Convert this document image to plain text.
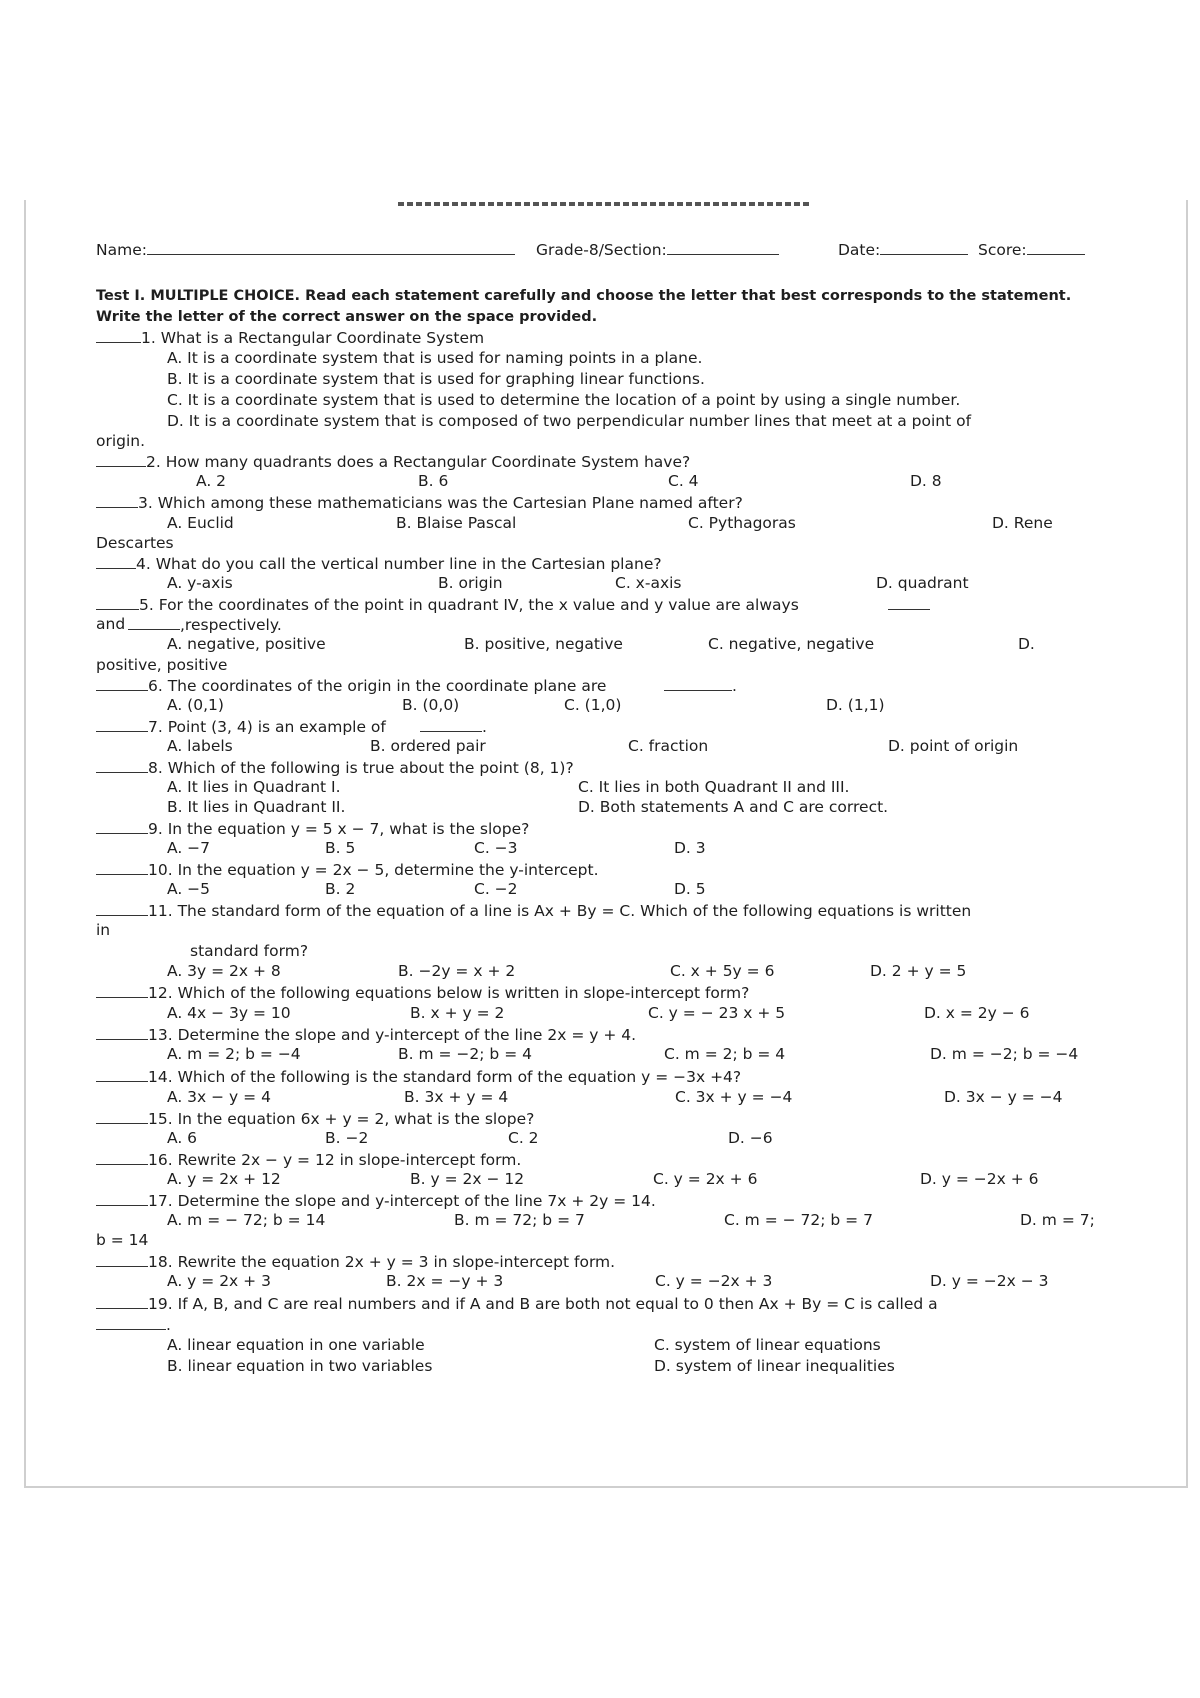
Name:	Grade-8/Section:	Date:	Score:
Test I. MULTIPLE CHOICE. Read each statement carefully and choose the letter that best corresponds to the statement. Write the letter of the correct answer on the space provided.
1. What is a Rectangular Coordinate System
A. It is a coordinate system that is used for naming points in a plane.
B. It is a coordinate system that is used for graphing linear functions.
C. It is a coordinate system that is used to determine the location of a point by using a single number.
D. It is a coordinate system that is composed of two perpendicular number lines that meet at a point of
origin.
2. How many quadrants does a Rectangular Coordinate System have?
A. 2	B. 6	C. 4	D. 8
3. Which among these mathematicians was the Cartesian Plane named after?
A. Euclid	B. Blaise Pascal	C. Pythagoras	D. Rene
Descartes
4. What do you call the vertical number line in the Cartesian plane?
A. y-axis	B. origin	C. x-axis	D. quadrant
5. For the coordinates of the point in quadrant IV, the x value and y value are always
and	,respectively.
A. negative, positive	B. positive, negative	C. negative, negative	D.
positive, positive
6. The coordinates of the origin in the coordinate plane are	.
A. (0,1)	B. (0,0)	C. (1,0)	D. (1,1)
7. Point (3, 4) is an example of	.
A. labels	B. ordered pair	C. fraction	D. point of origin
8. Which of the following is true about the point (8, 1)?
A. It lies in Quadrant I.	C. It lies in both Quadrant II and III.
B. It lies in Quadrant II.	D. Both statements A and C are correct.
9. In the equation y = 5 x − 7, what is the slope?
A. −7	B. 5	C. −3	D. 3
10. In the equation y = 2x − 5, determine the y-intercept.
A. −5	B. 2	C. −2	D. 5
11. The standard form of the equation of a line is Ax + By = C. Which of the following equations is written
in
standard form?
A. 3y = 2x + 8	B. −2y = x + 2	C. x + 5y = 6	D. 2 + y = 5
12. Which of the following equations below is written in slope-intercept form?
A. 4x − 3y = 10	B. x + y = 2	C. y = − 23 x + 5	D. x = 2y − 6
13. Determine the slope and y-intercept of the line 2x = y + 4.
A. m = 2; b = −4	B. m = −2; b = 4	C. m = 2; b = 4	D. m = −2; b = −4
14. Which of the following is the standard form of the equation y = −3x +4?
A. 3x − y = 4	B. 3x + y = 4	C. 3x + y = −4	D. 3x − y = −4
15. In the equation 6x + y = 2, what is the slope?
A. 6	B. −2	C. 2	D. −6
16. Rewrite 2x − y = 12 in slope-intercept form.
A. y = 2x + 12	B. y = 2x − 12	C. y = 2x + 6	D. y = −2x + 6
17. Determine the slope and y-intercept of the line 7x + 2y = 14.
A. m = − 72; b = 14	B. m = 72; b = 7	C. m = − 72; b = 7	D. m = 7;
b = 14
18. Rewrite the equation 2x + y = 3 in slope-intercept form.
A. y = 2x + 3	B. 2x = −y + 3	C. y = −2x + 3	D. y = −2x − 3
19. If A, B, and C are real numbers and if A and B are both not equal to 0 then Ax + By = C is called a
.
A. linear equation in one variable	C. system of linear equations
B. linear equation in two variables	D. system of linear inequalities
